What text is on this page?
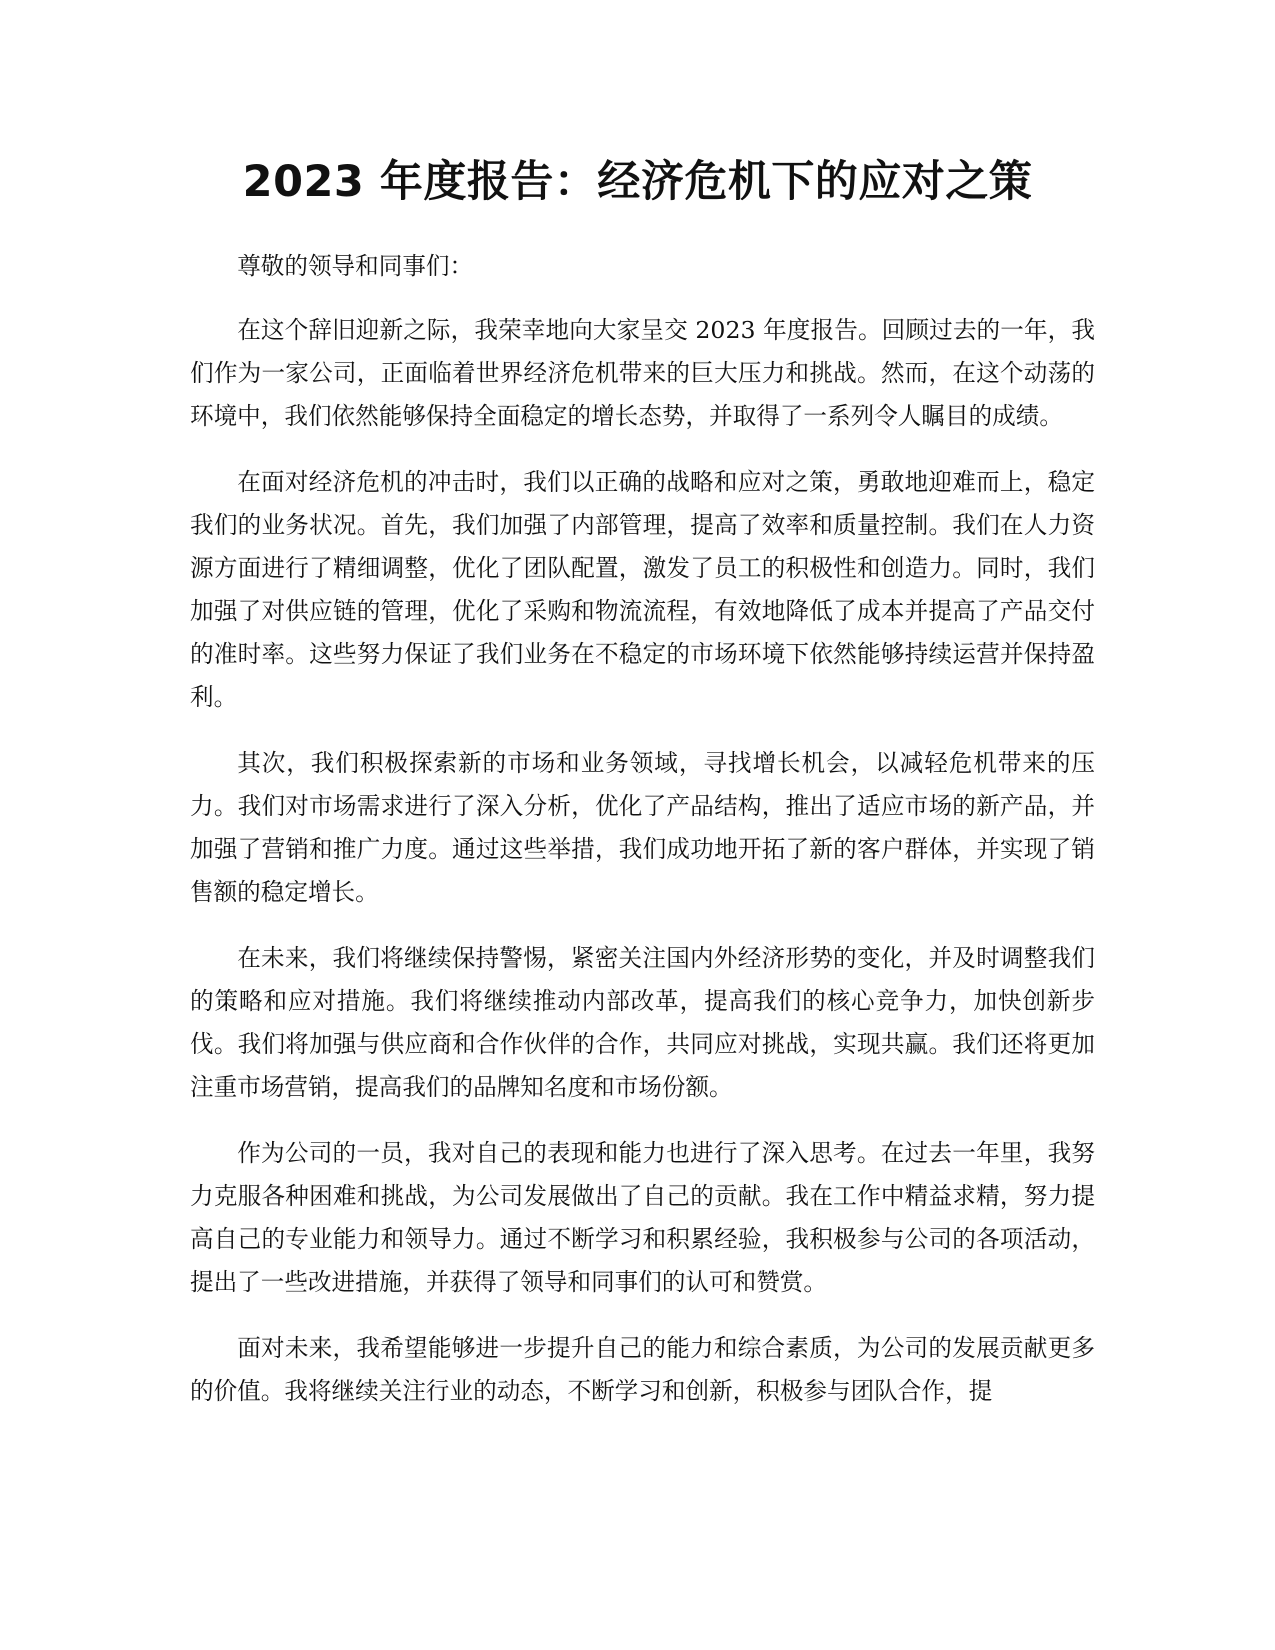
2023 年度报告：经济危机下的应对之策

尊敬的领导和同事们：

在这个辞旧迎新之际，我荣幸地向大家呈交 2023 年度报告。回顾过去的一年，我们作为一家公司，正面临着世界经济危机带来的巨大压力和挑战。然而，在这个动荡的环境中，我们依然能够保持全面稳定的增长态势，并取得了一系列令人瞩目的成绩。

在面对经济危机的冲击时，我们以正确的战略和应对之策，勇敢地迎难而上，稳定我们的业务状况。首先，我们加强了内部管理，提高了效率和质量控制。我们在人力资源方面进行了精细调整，优化了团队配置，激发了员工的积极性和创造力。同时，我们加强了对供应链的管理，优化了采购和物流流程，有效地降低了成本并提高了产品交付的准时率。这些努力保证了我们业务在不稳定的市场环境下依然能够持续运营并保持盈利。

其次，我们积极探索新的市场和业务领域，寻找增长机会，以减轻危机带来的压力。我们对市场需求进行了深入分析，优化了产品结构，推出了适应市场的新产品，并加强了营销和推广力度。通过这些举措，我们成功地开拓了新的客户群体，并实现了销售额的稳定增长。

在未来，我们将继续保持警惕，紧密关注国内外经济形势的变化，并及时调整我们的策略和应对措施。我们将继续推动内部改革，提高我们的核心竞争力，加快创新步伐。我们将加强与供应商和合作伙伴的合作，共同应对挑战，实现共赢。我们还将更加注重市场营销，提高我们的品牌知名度和市场份额。

作为公司的一员，我对自己的表现和能力也进行了深入思考。在过去一年里，我努力克服各种困难和挑战，为公司发展做出了自己的贡献。我在工作中精益求精，努力提高自己的专业能力和领导力。通过不断学习和积累经验，我积极参与公司的各项活动，提出了一些改进措施，并获得了领导和同事们的认可和赞赏。

面对未来，我希望能够进一步提升自己的能力和综合素质，为公司的发展贡献更多的价值。我将继续关注行业的动态，不断学习和创新，积极参与团队合作，提
